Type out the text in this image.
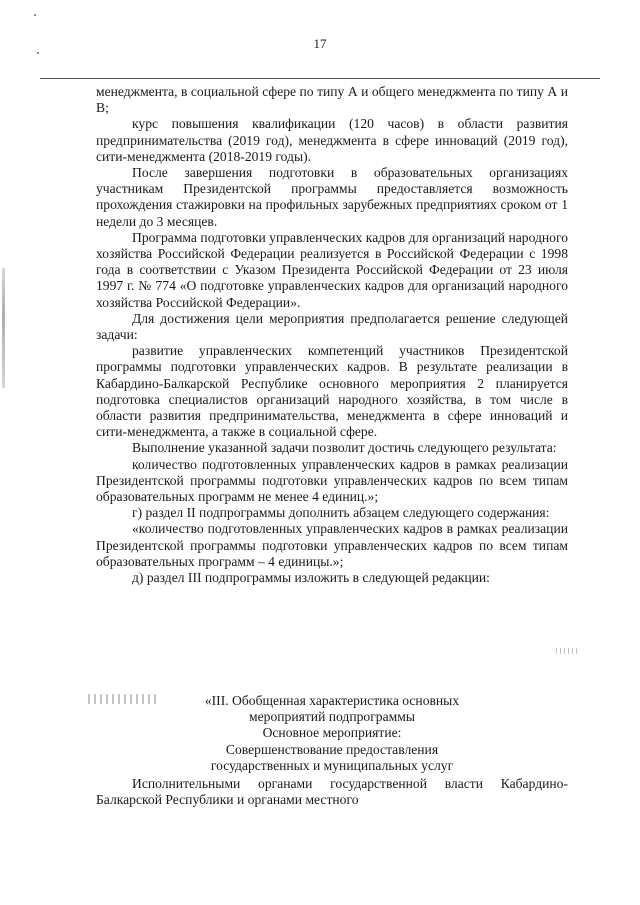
17

менеджмента, в социальной сфере по типу А и общего менеджмента по типу А и В;

курс повышения квалификации (120 часов) в области развития предпринимательства (2019 год), менеджмента в сфере инноваций (2019 год), сити-менеджмента (2018-2019 годы).

После завершения подготовки в образовательных организациях участникам Президентской программы предоставляется возможность прохождения стажировки на профильных зарубежных предприятиях сроком от 1 недели до 3 месяцев.

Программа подготовки управленческих кадров для организаций народного хозяйства Российской Федерации реализуется в Российской Федерации с 1998 года в соответствии с Указом Президента Российской Федерации от 23 июля 1997 г. № 774 «О подготовке управленческих кадров для организаций народного хозяйства Российской Федерации».

Для достижения цели мероприятия предполагается решение следующей задачи:

развитие управленческих компетенций участников Президентской программы подготовки управленческих кадров. В результате реализации в Кабардино-Балкарской Республике основного мероприятия 2 планируется подготовка специалистов организаций народного хозяйства, в том числе в области развития предпринимательства, менеджмента в сфере инноваций и сити-менеджмента, а также в социальной сфере.

Выполнение указанной задачи позволит достичь следующего результата:

количество подготовленных управленческих кадров в рамках реализации Президентской программы подготовки управленческих кадров по всем типам образовательных программ не менее 4 единиц.»;

г) раздел II подпрограммы дополнить абзацем следующего содержания:

«количество подготовленных управленческих кадров в рамках реализации Президентской программы подготовки управленческих кадров по всем типам образовательных программ – 4 единицы.»;

д) раздел III подпрограммы изложить в следующей редакции:

«III. Обобщенная характеристика основных
мероприятий подпрограммы
Основное мероприятие:
Совершенствование предоставления
государственных и муниципальных услуг

Исполнительными органами государственной власти Кабардино-Балкарской Республики и органами местного
